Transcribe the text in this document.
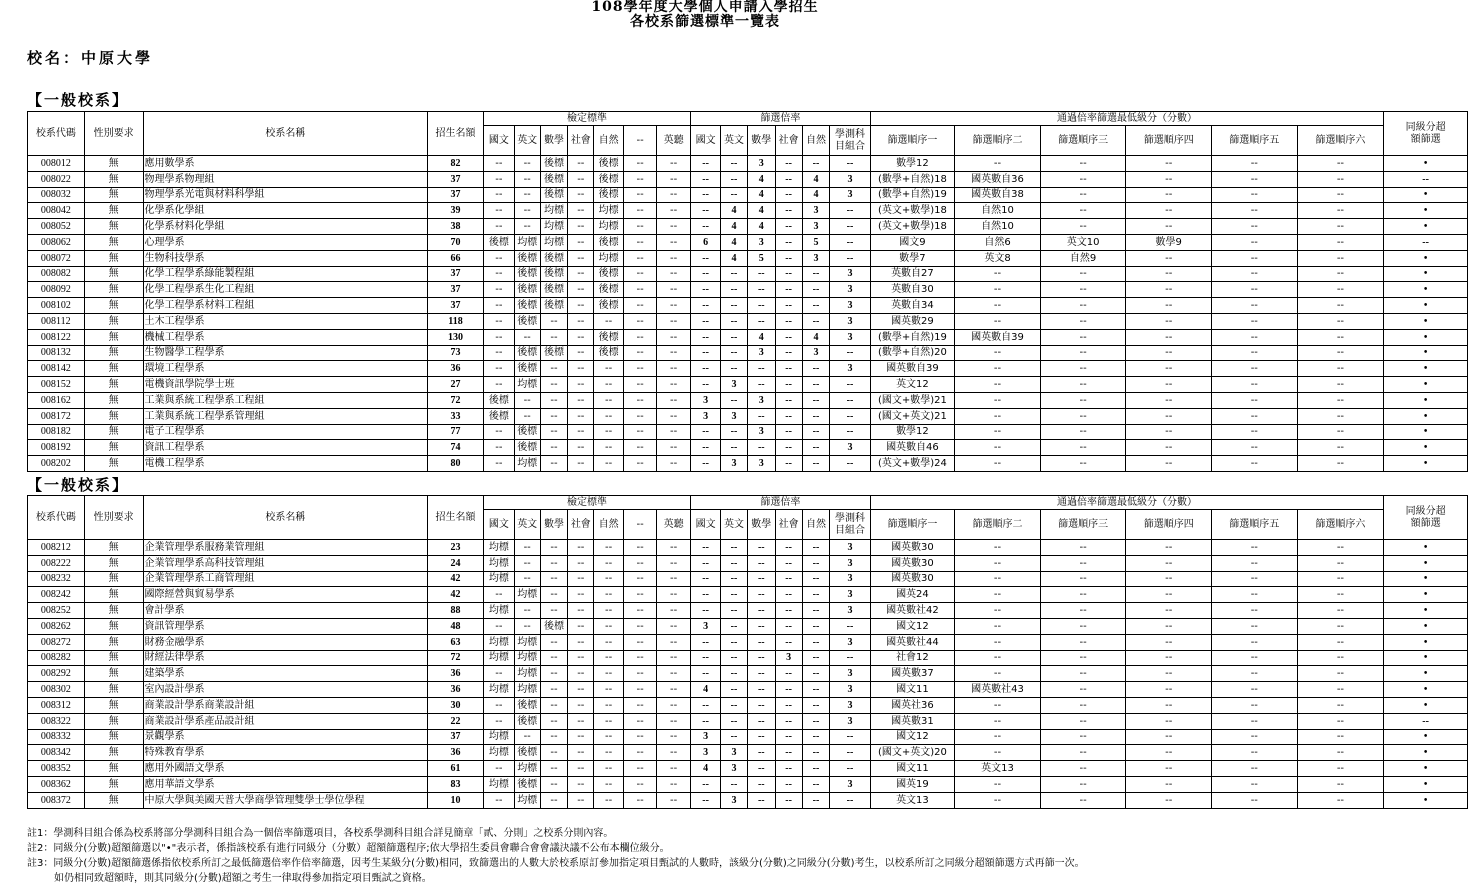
108學年度大學個人申請入學招生
各校系篩選標準一覽表
校名：中原大學
【一般校系】
校系代碼	性別要求	校系名稱	招生名額	檢定標準							篩選倍率						通過倍率篩選最低級分（分數）						同級分超額篩選
				國文	英文	數學	社會	自然	--	英聽	國文	英文	數學	社會	自然	學測科目組合	篩選順序一	篩選順序二	篩選順序三	篩選順序四	篩選順序五	篩選順序六	
008012	無	應用數學系	82	--	--	後標	--	後標	--	--	--	--	3	--	--	--	數學12	--	--	--	--	--	•
008022	無	物理學系物理組	37	--	--	後標	--	後標	--	--	--	--	4	--	4	3	(數學+自然)18	國英數自36	--	--	--	--	--
008032	無	物理學系光電與材料科學組	37	--	--	後標	--	後標	--	--	--	--	4	--	4	3	(數學+自然)19	國英數自38	--	--	--	--	•
008042	無	化學系化學組	39	--	--	均標	--	均標	--	--	--	4	4	--	3	--	(英文+數學)18	自然10	--	--	--	--	•
008052	無	化學系材料化學組	38	--	--	均標	--	均標	--	--	--	4	4	--	3	--	(英文+數學)18	自然10	--	--	--	--	•
008062	無	心理學系	70	後標	均標	均標	--	後標	--	--	6	4	3	--	5	--	國文9	自然6	英文10	數學9	--	--	--
008072	無	生物科技學系	66	--	後標	後標	--	均標	--	--	--	4	5	--	3	--	數學7	英文8	自然9	--	--	--	•
008082	無	化學工程學系綠能製程組	37	--	後標	後標	--	後標	--	--	--	--	--	--	--	3	英數自27	--	--	--	--	--	•
008092	無	化學工程學系生化工程組	37	--	後標	後標	--	後標	--	--	--	--	--	--	--	3	英數自30	--	--	--	--	--	•
008102	無	化學工程學系材料工程組	37	--	後標	後標	--	後標	--	--	--	--	--	--	--	3	英數自34	--	--	--	--	--	•
008112	無	土木工程學系	118	--	後標	--	--	--	--	--	--	--	--	--	--	3	國英數29	--	--	--	--	--	•
008122	無	機械工程學系	130	--	--	--	--	後標	--	--	--	--	4	--	4	3	(數學+自然)19	國英數自39	--	--	--	--	•
008132	無	生物醫學工程學系	73	--	後標	後標	--	後標	--	--	--	--	3	--	3	--	(數學+自然)20	--	--	--	--	--	•
008142	無	環境工程學系	36	--	後標	--	--	--	--	--	--	--	--	--	--	3	國英數自39	--	--	--	--	--	•
008152	無	電機資訊學院學士班	27	--	均標	--	--	--	--	--	--	3	--	--	--	--	英文12	--	--	--	--	--	•
008162	無	工業與系統工程學系工程組	72	後標	--	--	--	--	--	--	3	--	3	--	--	--	(國文+數學)21	--	--	--	--	--	•
008172	無	工業與系統工程學系管理組	33	後標	--	--	--	--	--	--	3	3	--	--	--	--	(國文+英文)21	--	--	--	--	--	•
008182	無	電子工程學系	77	--	後標	--	--	--	--	--	--	--	3	--	--	--	數學12	--	--	--	--	--	•
008192	無	資訊工程學系	74	--	後標	--	--	--	--	--	--	--	--	--	--	3	國英數自46	--	--	--	--	--	•
008202	無	電機工程學系	80	--	均標	--	--	--	--	--	--	3	3	--	--	--	(英文+數學)24	--	--	--	--	--	•
【一般校系】
校系代碼	性別要求	校系名稱	招生名額	檢定標準							篩選倍率						通過倍率篩選最低級分（分數）						同級分超額篩選
				國文	英文	數學	社會	自然	--	英聽	國文	英文	數學	社會	自然	學測科目組合	篩選順序一	篩選順序二	篩選順序三	篩選順序四	篩選順序五	篩選順序六	
008212	無	企業管理學系服務業管理組	23	均標	--	--	--	--	--	--	--	--	--	--	--	3	國英數30	--	--	--	--	--	•
008222	無	企業管理學系高科技管理組	24	均標	--	--	--	--	--	--	--	--	--	--	--	3	國英數30	--	--	--	--	--	•
008232	無	企業管理學系工商管理組	42	均標	--	--	--	--	--	--	--	--	--	--	--	3	國英數30	--	--	--	--	--	•
008242	無	國際經營與貿易學系	42	--	均標	--	--	--	--	--	--	--	--	--	--	3	國英24	--	--	--	--	--	•
008252	無	會計學系	88	均標	--	--	--	--	--	--	--	--	--	--	--	3	國英數社42	--	--	--	--	--	•
008262	無	資訊管理學系	48	--	--	後標	--	--	--	--	3	--	--	--	--	--	國文12	--	--	--	--	--	•
008272	無	財務金融學系	63	均標	均標	--	--	--	--	--	--	--	--	--	--	3	國英數社44	--	--	--	--	--	•
008282	無	財經法律學系	72	均標	均標	--	--	--	--	--	--	--	--	3	--	--	社會12	--	--	--	--	--	•
008292	無	建築學系	36	--	均標	--	--	--	--	--	--	--	--	--	--	3	國英數37	--	--	--	--	--	•
008302	無	室內設計學系	36	均標	均標	--	--	--	--	--	4	--	--	--	--	3	國文11	國英數社43	--	--	--	--	•
008312	無	商業設計學系商業設計組	30	--	後標	--	--	--	--	--	--	--	--	--	--	3	國英社36	--	--	--	--	--	•
008322	無	商業設計學系產品設計組	22	--	後標	--	--	--	--	--	--	--	--	--	--	3	國英數31	--	--	--	--	--	--
008332	無	景觀學系	37	均標	--	--	--	--	--	--	3	--	--	--	--	--	國文12	--	--	--	--	--	•
008342	無	特殊教育學系	36	均標	後標	--	--	--	--	--	3	3	--	--	--	--	(國文+英文)20	--	--	--	--	--	•
008352	無	應用外國語文學系	61	--	均標	--	--	--	--	--	4	3	--	--	--	--	國文11	英文13	--	--	--	--	•
008362	無	應用華語文學系	83	均標	後標	--	--	--	--	--	--	--	--	--	--	3	國英19	--	--	--	--	--	•
008372	無	中原大學與美國天普大學商學管理雙學士學位學程	10	--	均標	--	--	--	--	--	--	3	--	--	--	--	英文13	--	--	--	--	--	•
註1：學測科目組合係為校系將部分學測科目組合為一個倍率篩選項目，各校系學測科目組合詳見簡章「貳、分則」之校系分則內容。
註2：同級分(分數)超額篩選以"•"表示者，係指該校系有進行同級分（分數）超額篩選程序;依大學招生委員會聯合會會議決議不公布本欄位級分。
註3：同級分(分數)超額篩選係指依校系所訂之最低篩選倍率作倍率篩選，因考生某級分(分數)相同，致篩選出的人數大於校系原訂參加指定項目甄試的人數時，該級分(分數)之同級分(分數)考生，以校系所訂之同級分超額篩選方式再篩一次。
如仍相同致超額時，則其同級分(分數)超額之考生一律取得參加指定項目甄試之資格。
